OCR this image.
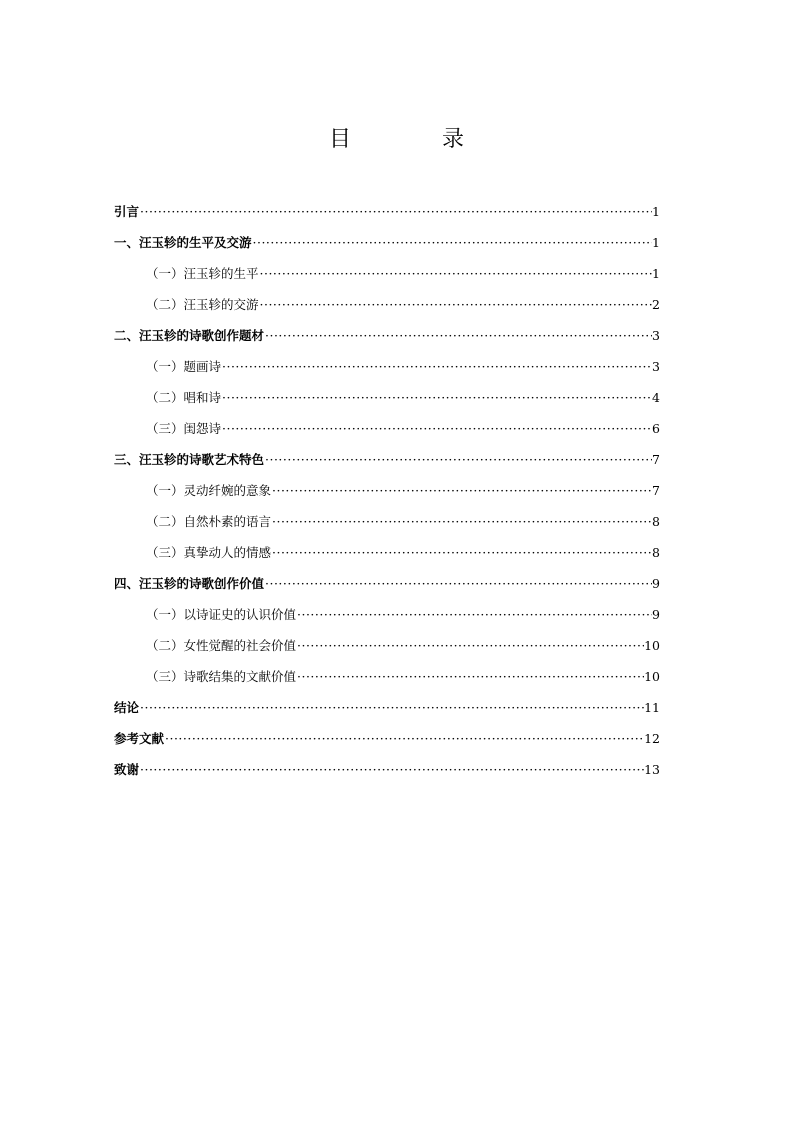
目 录
引言 ·····	1
一、汪玉轸的生平及交游 ·····	1
（一）汪玉轸的生平 ·····	1
（二）汪玉轸的交游 ·····	2
二、汪玉轸的诗歌创作题材 ·····	3
（一）题画诗 ·····	3
（二）唱和诗 ·····	4
（三）闺怨诗 ·····	6
三、汪玉轸的诗歌艺术特色 ·····	7
（一）灵动纤婉的意象 ·····	7
（二）自然朴素的语言 ·····	8
（三）真挚动人的情感 ·····	8
四、汪玉轸的诗歌创作价值 ·····	9
（一）以诗证史的认识价值 ·····	9
（二）女性觉醒的社会价值 ·····	10
（三）诗歌结集的文献价值 ·····	10
结论 ·····	11
参考文献 ·····	12
致谢 ·····	13
